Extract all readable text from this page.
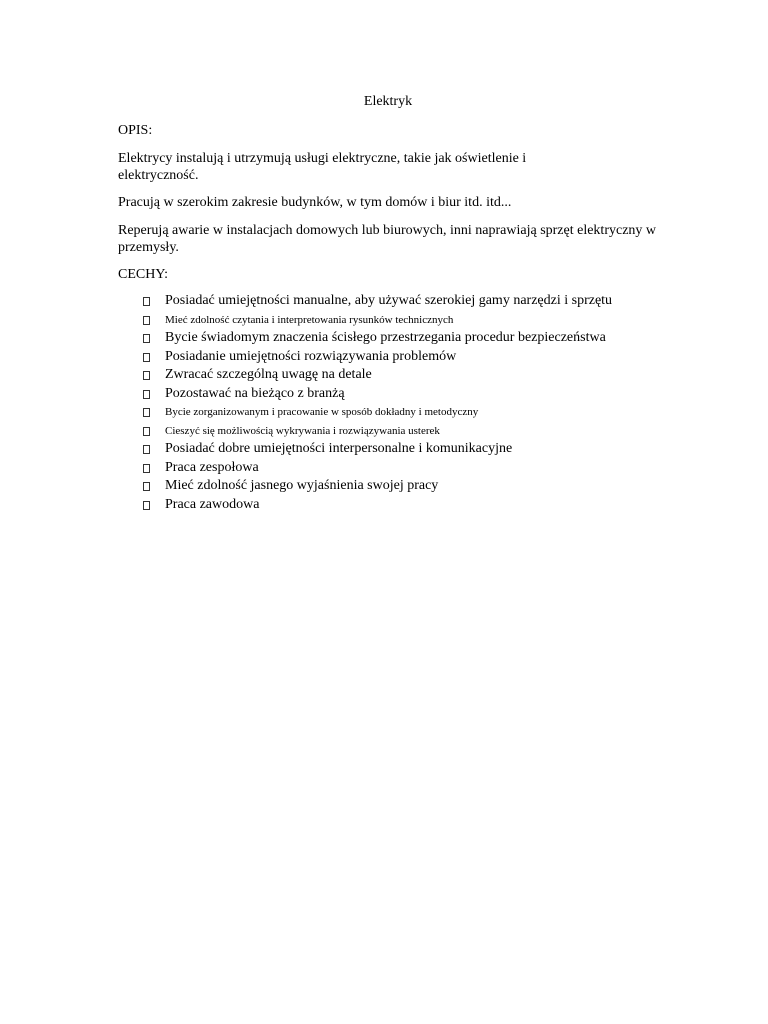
Elektryk
OPIS:
Elektrycy instalują i utrzymują usługi elektryczne, takie jak oświetlenie i elektryczność.
Pracują w szerokim zakresie budynków, w tym domów i biur itd. itd...
Reperują awarie w instalacjach domowych lub biurowych, inni naprawiają sprzęt elektryczny w przemysły.
CECHY:
Posiadać umiejętności manualne, aby używać szerokiej gamy narzędzi i sprzętu
Mieć zdolność czytania i interpretowania rysunków technicznych
Bycie świadomym znaczenia ścisłego przestrzegania procedur bezpieczeństwa
Posiadanie umiejętności rozwiązywania problemów
Zwracać szczególną uwagę na detale
Pozostawać na bieżąco z branżą
Bycie zorganizowanym i pracowanie w sposób dokładny i metodyczny
Cieszyć się możliwością wykrywania i rozwiązywania usterek
Posiadać dobre umiejętności interpersonalne i komunikacyjne
Praca zespołowa
Mieć zdolność jasnego wyjaśnienia swojej pracy
Praca zawodowa
